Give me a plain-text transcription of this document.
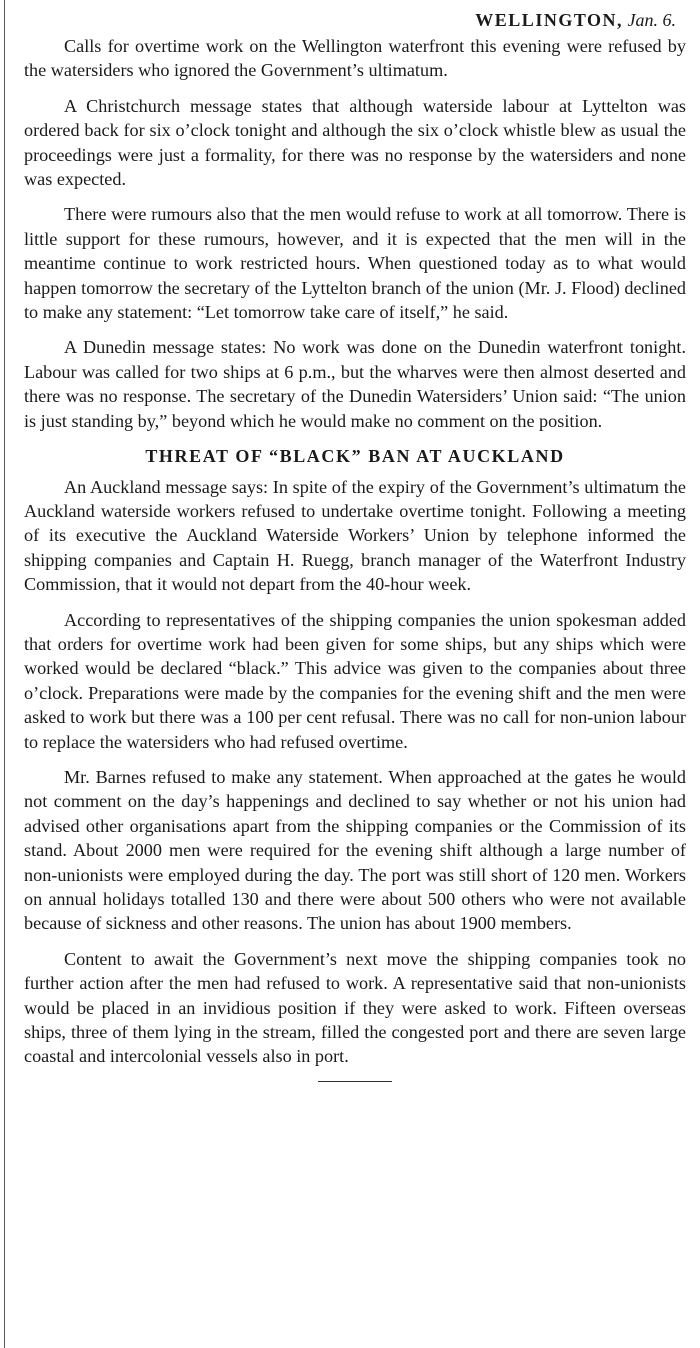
WELLINGTON, Jan. 6.

Calls for overtime work on the Wellington waterfront this evening were refused by the watersiders who ignored the Government’s ultimatum.

A Christchurch message states that although waterside labour at Lyttelton was ordered back for six o’clock tonight and although the six o’clock whistle blew as usual the proceedings were just a formality, for there was no response by the watersiders and none was expected.

There were rumours also that the men would refuse to work at all tomorrow. There is little support for these rumours, however, and it is expected that the men will in the meantime continue to work restricted hours. When questioned today as to what would happen tomorrow the secretary of the Lyttelton branch of the union (Mr. J. Flood) declined to make any statement: “Let tomorrow take care of itself,” he said.

A Dunedin message states: No work was done on the Dunedin waterfront tonight. Labour was called for two ships at 6 p.m., but the wharves were then almost deserted and there was no response. The secretary of the Dunedin Watersiders’ Union said: “The union is just standing by,” beyond which he would make no comment on the position.

THREAT OF “BLACK” BAN AT AUCKLAND

An Auckland message says: In spite of the expiry of the Government’s ultimatum the Auckland waterside workers refused to undertake overtime tonight. Following a meeting of its executive the Auckland Waterside Workers’ Union by telephone informed the shipping companies and Captain H. Ruegg, branch manager of the Waterfront Industry Commission, that it would not depart from the 40-hour week.

According to representatives of the shipping companies the union spokesman added that orders for overtime work had been given for some ships, but any ships which were worked would be declared “black.” This advice was given to the companies about three o’clock. Preparations were made by the companies for the evening shift and the men were asked to work but there was a 100 per cent refusal. There was no call for non-union labour to replace the watersiders who had refused overtime.

Mr. Barnes refused to make any statement. When approached at the gates he would not comment on the day’s happenings and declined to say whether or not his union had advised other organisations apart from the shipping companies or the Commission of its stand. About 2000 men were required for the evening shift although a large number of non-unionists were employed during the day. The port was still short of 120 men. Workers on annual holidays totalled 130 and there were about 500 others who were not available because of sickness and other reasons. The union has about 1900 members.

Content to await the Government’s next move the shipping companies took no further action after the men had refused to work. A representative said that non-unionists would be placed in an invidious position if they were asked to work. Fifteen overseas ships, three of them lying in the stream, filled the congested port and there are seven large coastal and intercolonial vessels also in port.
